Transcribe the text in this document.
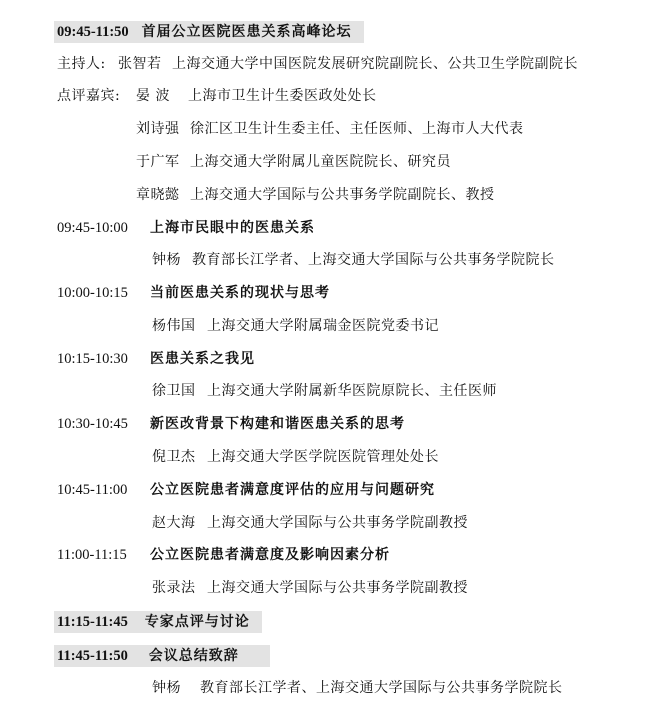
09:45-11:50 首届公立医院医患关系高峰论坛
主持人: 张智若 上海交通大学中国医院发展研究院副院长、公共卫生学院副院长
点评嘉宾: 晏 波 上海市卫生计生委医政处处长
刘诗强 徐汇区卫生计生委主任、主任医师、上海市人大代表
于广军 上海交通大学附属儿童医院院长、研究员
章晓懿 上海交通大学国际与公共事务学院副院长、教授
09:45-10:00 上海市民眼中的医患关系
钟杨 教育部长江学者、上海交通大学国际与公共事务学院院长
10:00-10:15 当前医患关系的现状与思考
杨伟国 上海交通大学附属瑞金医院党委书记
10:15-10:30 医患关系之我见
徐卫国 上海交通大学附属新华医院原院长、主任医师
10:30-10:45 新医改背景下构建和谐医患关系的思考
倪卫杰 上海交通大学医学院医院管理处处长
10:45-11:00 公立医院患者满意度评估的应用与问题研究
赵大海 上海交通大学国际与公共事务学院副教授
11:00-11:15 公立医院患者满意度及影响因素分析
张录法 上海交通大学国际与公共事务学院副教授
11:15-11:45 专家点评与讨论
11:45-11:50 会议总结致辞
钟杨 教育部长江学者、上海交通大学国际与公共事务学院院长
